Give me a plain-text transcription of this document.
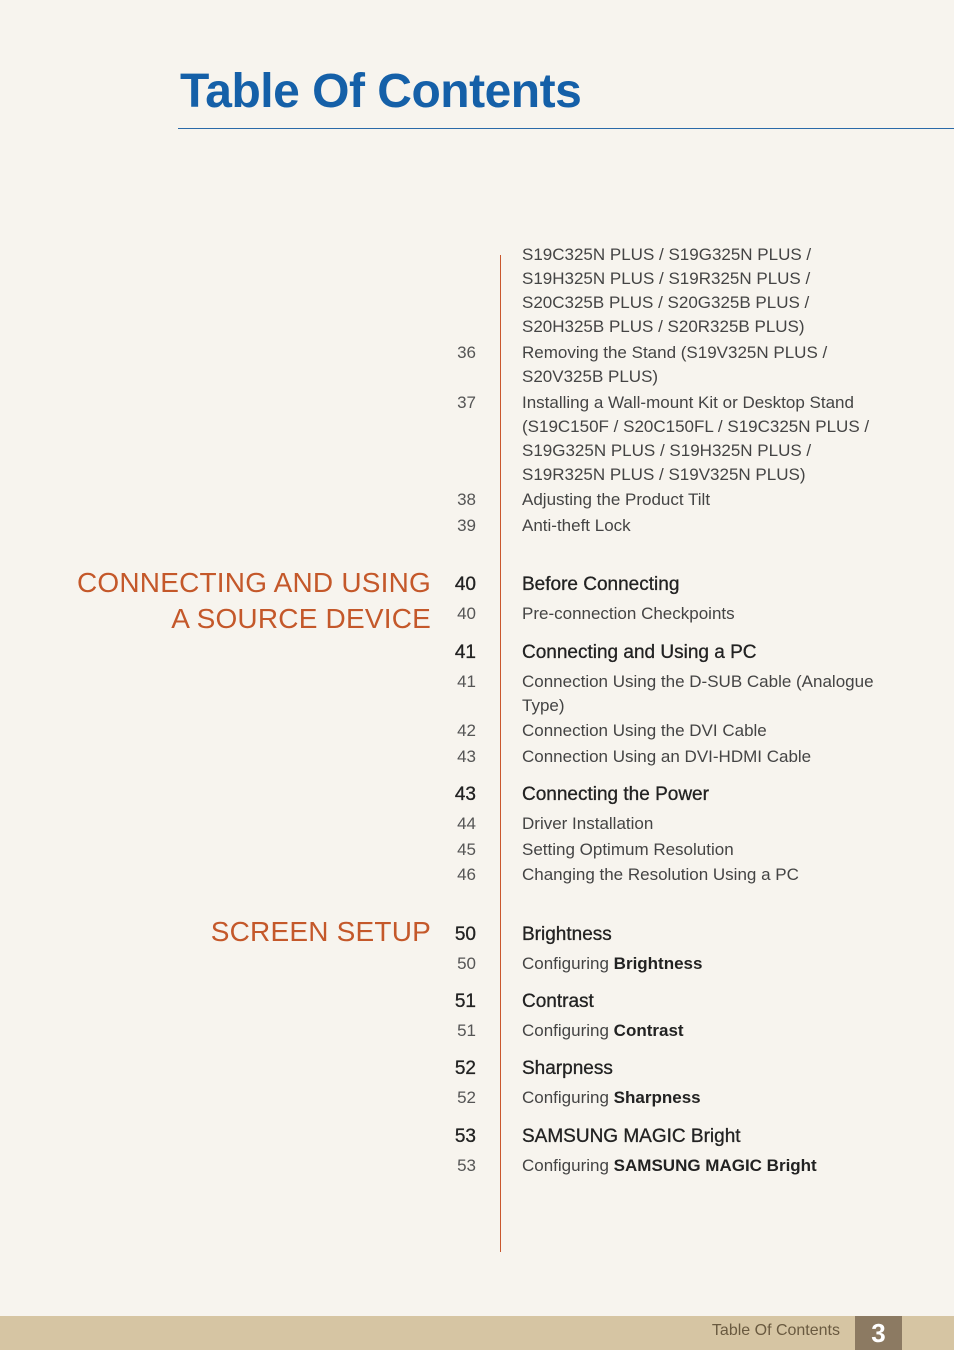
Table Of Contents
CONNECTING AND USING
A SOURCE DEVICE
SCREEN SETUP
S19C325N PLUS / S19G325N PLUS /
S19H325N PLUS / S19R325N PLUS /
S20C325B PLUS / S20G325B PLUS /
S20H325B PLUS / S20R325B PLUS)
36	Removing the Stand (S19V325N PLUS /
S20V325B PLUS)
37	Installing a Wall-mount Kit or Desktop Stand
(S19C150F / S20C150FL / S19C325N PLUS /
S19G325N PLUS / S19H325N PLUS /
S19R325N PLUS / S19V325N PLUS)
38	Adjusting the Product Tilt
39	Anti-theft Lock
40 Before Connecting
40	Pre-connection Checkpoints
41 Connecting and Using a PC
41	Connection Using the D-SUB Cable (Analogue
Type)
42	Connection Using the DVI Cable
43	Connection Using an DVI-HDMI Cable
43 Connecting the Power
44	Driver Installation
45	Setting Optimum Resolution
46	Changing the Resolution Using a PC
50 Brightness
50	Configuring Brightness
51 Contrast
51	Configuring Contrast
52 Sharpness
52	Configuring Sharpness
53 SAMSUNG MAGIC Bright
53	Configuring SAMSUNG MAGIC Bright
Table Of Contents	3
